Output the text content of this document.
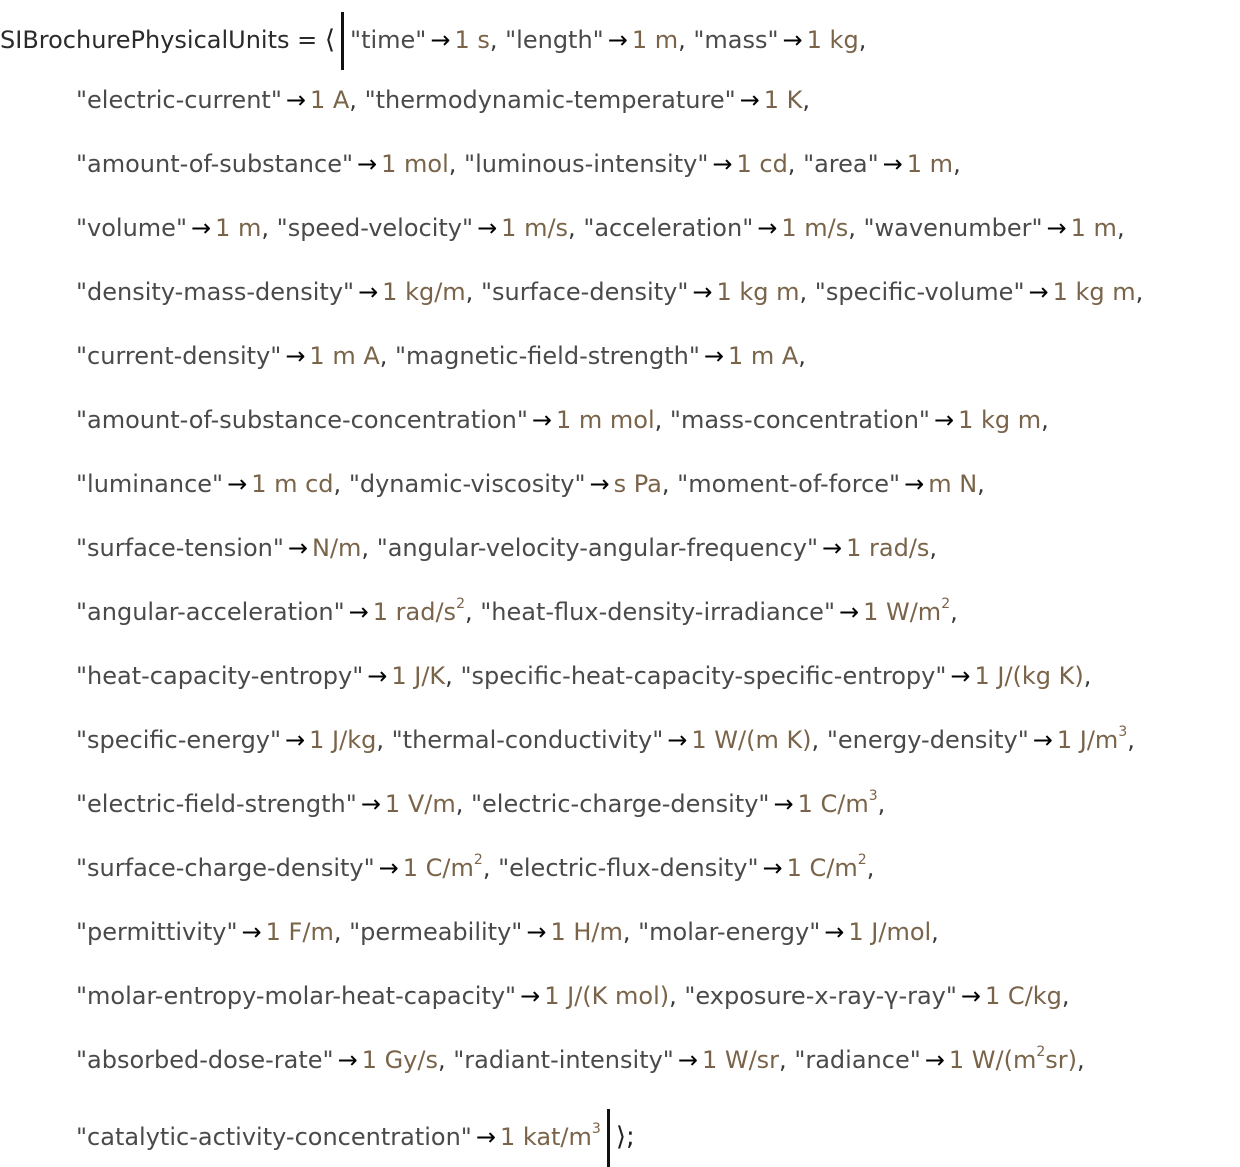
SIBrochurePhysicalUnits = ⟨ "time" → 1 s, "length" → 1 m, "mass" → 1 kg,
"electric-current" → 1 A, "thermodynamic-temperature" → 1 K,
"amount-of-substance" → 1 mol, "luminous-intensity" → 1 cd, "area" → 1 m,
"volume" → 1 m, "speed-velocity" → 1 m/s, "acceleration" → 1 m/s, "wavenumber" → 1 m,
"density-mass-density" → 1 kg/m, "surface-density" → 1 kg m, "specific-volume" → 1 kg m,
"current-density" → 1 m A, "magnetic-field-strength" → 1 m A,
"amount-of-substance-concentration" → 1 m mol, "mass-concentration" → 1 kg m,
"luminance" → 1 m cd, "dynamic-viscosity" → s Pa, "moment-of-force" → m N,
"surface-tension" → N/m, "angular-velocity-angular-frequency" → 1 rad/s,
"angular-acceleration" → 1 rad/$s^2$, "heat-flux-density-irradiance" → 1 $W/m^2$,
"heat-capacity-entropy" → 1 J/K, "specific-heat-capacity-specific-entropy" → 1 J/(kg K),
"specific-energy" → 1 J/kg, "thermal-conductivity" → 1 W/(m K), "energy-density" → 1 $J/m^3$,
"electric-field-strength" → 1 V/m, "electric-charge-density" → 1 $C/m^3$,
"surface-charge-density" → 1 $C/m^2$, "electric-flux-density" → 1 $C/m^2$,
"permittivity" → 1 F/m, "permeability" → 1 H/m, "molar-energy" → 1 J/mol,
"molar-entropy-molar-heat-capacity" → 1 J/(K mol), "exposure-x-ray-γ-ray" → 1 C/kg,
"absorbed-dose-rate" → 1 Gy/s, "radiant-intensity" → 1 W/sr, "radiance" → 1 $W/(m^2sr)$,
"catalytic-activity-concentration" → 1 kat/$m^3$ ⟩;
